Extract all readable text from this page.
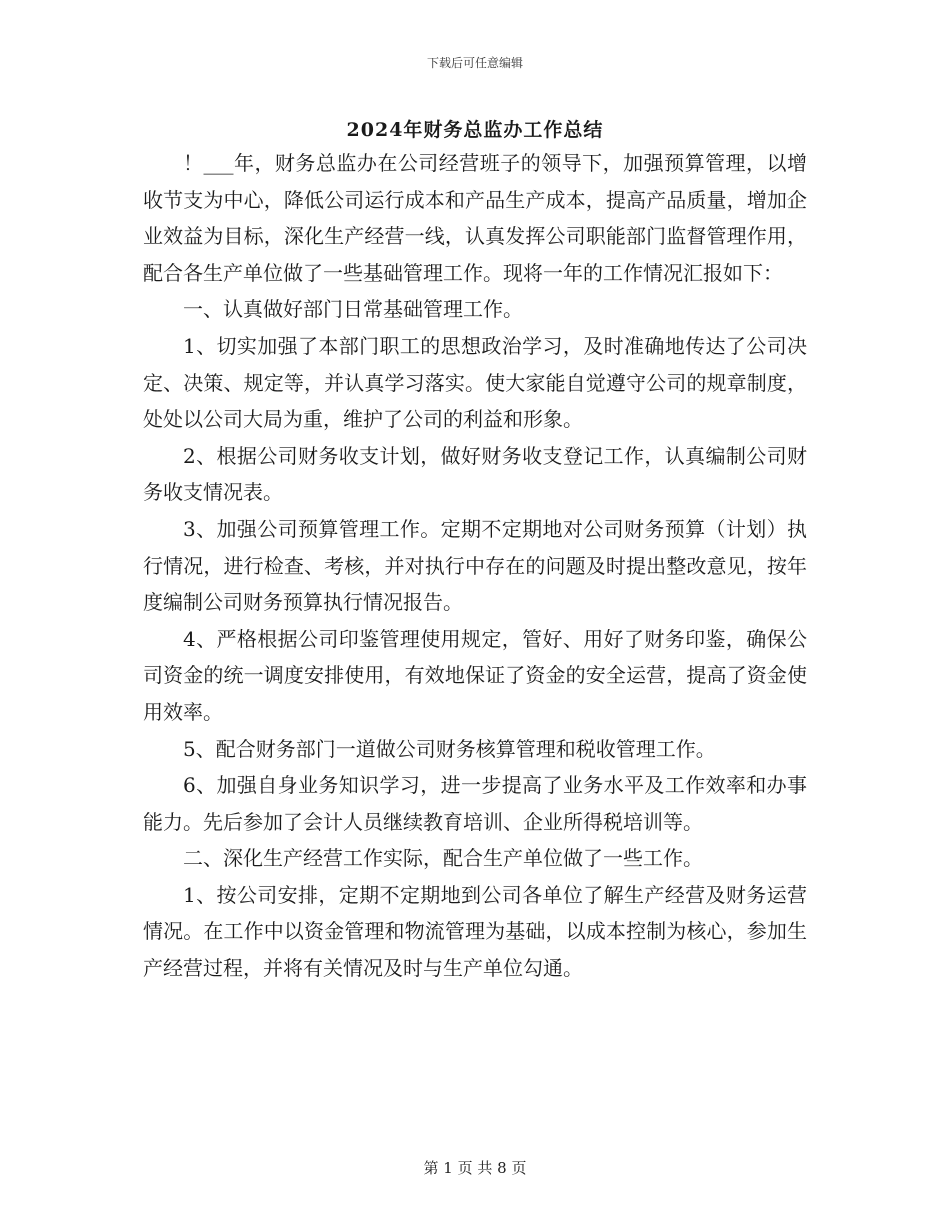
下载后可任意编辑
2024年财务总监办工作总结

！___年，财务总监办在公司经营班子的领导下，加强预算管理，以增收节支为中心，降低公司运行成本和产品生产成本，提高产品质量，增加企业效益为目标，深化生产经营一线，认真发挥公司职能部门监督管理作用，配合各生产单位做了一些基础管理工作。现将一年的工作情况汇报如下：

一、认真做好部门日常基础管理工作。

1、切实加强了本部门职工的思想政治学习，及时准确地传达了公司决定、决策、规定等，并认真学习落实。使大家能自觉遵守公司的规章制度，处处以公司大局为重，维护了公司的利益和形象。

2、根据公司财务收支计划，做好财务收支登记工作，认真编制公司财务收支情况表。

3、加强公司预算管理工作。定期不定期地对公司财务预算（计划）执行情况，进行检查、考核，并对执行中存在的问题及时提出整改意见，按年度编制公司财务预算执行情况报告。

4、严格根据公司印鉴管理使用规定，管好、用好了财务印鉴，确保公司资金的统一调度安排使用，有效地保证了资金的安全运营，提高了资金使用效率。

5、配合财务部门一道做公司财务核算管理和税收管理工作。

6、加强自身业务知识学习，进一步提高了业务水平及工作效率和办事能力。先后参加了会计人员继续教育培训、企业所得税培训等。

二、深化生产经营工作实际，配合生产单位做了一些工作。

1、按公司安排，定期不定期地到公司各单位了解生产经营及财务运营情况。在工作中以资金管理和物流管理为基础，以成本控制为核心，参加生产经营过程，并将有关情况及时与生产单位勾通。

第 1 页 共 8 页
